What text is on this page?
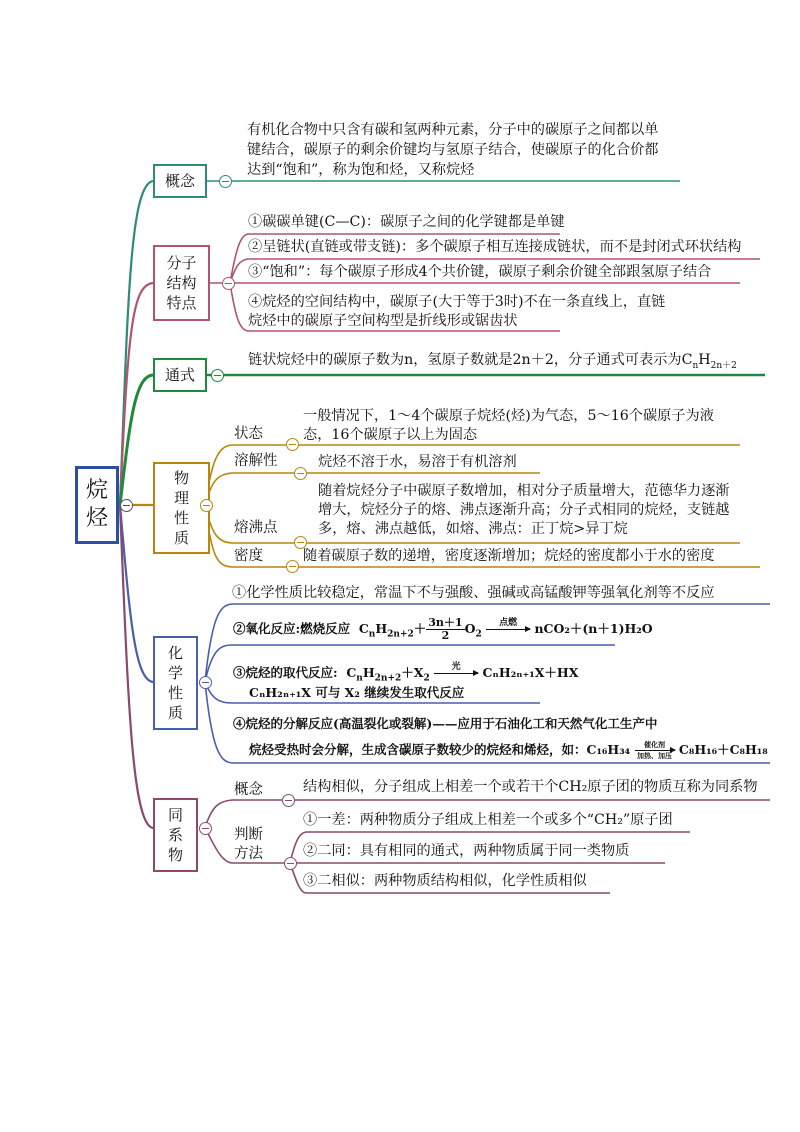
烷
烃
概念
有机化合物中只含有碳和氢两种元素，分子中的碳原子之间都以单
键结合，碳原子的剩余价键均与氢原子结合，使碳原子的化合价都
达到“饱和”，称为饱和烃，又称烷烃
分子
结构
特点
①碳碳单键(C—C)：碳原子之间的化学键都是单键
②呈链状(直链或带支链)：多个碳原子相互连接成链状，而不是封闭式环状结构
③“饱和”：每个碳原子形成4个共价键，碳原子剩余价键全部跟氢原子结合
④烷烃的空间结构中，碳原子(大于等于3时)不在一条直线上，直链
烷烃中的碳原子空间构型是折线形或锯齿状
通式
链状烷烃中的碳原子数为n，氢原子数就是2n＋2，分子通式可表示为$C_nH_{2n+2}$
物
理
性
质
状态
一般情况下，1～4个碳原子烷烃(烃)为气态，5～16个碳原子为液
态，16个碳原子以上为固态
溶解性	烷烃不溶于水，易溶于有机溶剂
熔沸点
随着烷烃分子中碳原子数增加，相对分子质量增大，范德华力逐渐
增大，烷烃分子的熔、沸点逐渐升高；分子式相同的烷烃，支链越
多，熔、沸点越低，如熔、沸点：正丁烷>异丁烷
密度	随着碳原子数的递增，密度逐渐增加；烷烃的密度都小于水的密度
化
学
性
质
①化学性质比较稳定，常温下不与强酸、强碱或高锰酸钾等强氧化剂等不反应
②氧化反应:燃烧反应  $C_nH_{2n+2}+ \frac{3n+1}{2} O_2$ 点燃 nCO₂＋(n＋1)H₂O
③烷烃的取代反应:  $C_nH_{2n+2}+X_2$ 光 CₙH₂ₙ₊₁X＋HX
CₙH₂ₙ₊₁X 可与 X₂ 继续发生取代反应
④烷烃的分解反应(高温裂化或裂解)——应用于石油化工和天然气化工生产中
烷烃受热时会分解，生成含碳原子数较少的烷烃和烯烃，如：C₁₆H₃₄ 催化剂
加热、加压 C₈H₁₆＋C₈H₁₈
同
系
物
概念	结构相似，分子组成上相差一个或若干个CH₂原子团的物质互称为同系物
判断
方法
①一差：两种物质分子组成上相差一个或多个“CH₂”原子团
②二同：具有相同的通式，两种物质属于同一类物质
③二相似：两种物质结构相似，化学性质相似
